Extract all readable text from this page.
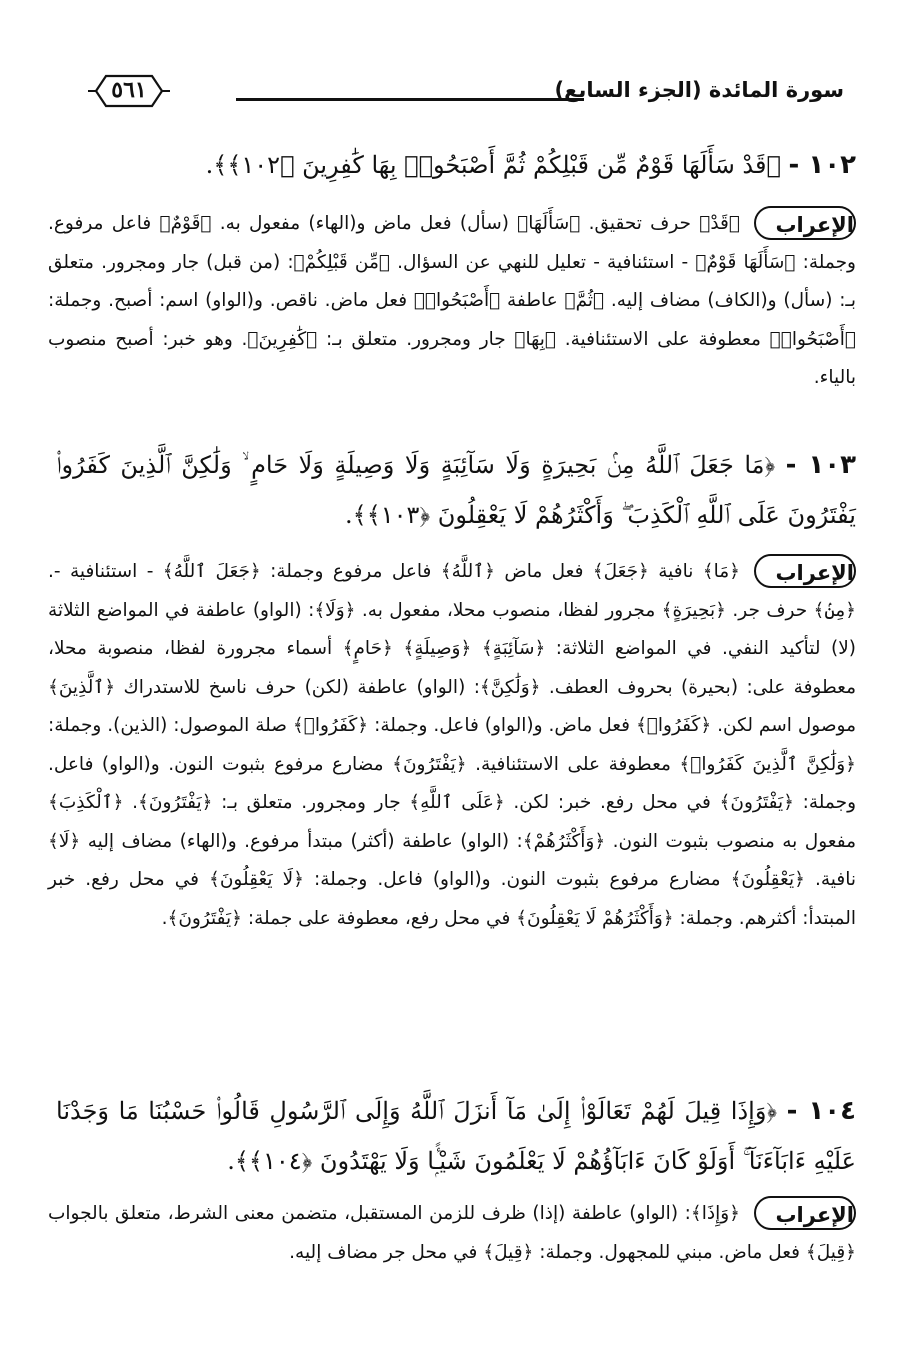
٥٦١	سورة المائدة (الجزء السابع)
١٠٢ - ﴿قَدْ سَأَلَهَا قَوْمٌ مِّن قَبْلِكُمْ ثُمَّ أَصْبَحُوا۟ بِهَا كَٰفِرِينَ ﴿١٠٢﴾﴾.
الإعراب
﴿قَدْ﴾ حرف تحقيق. ﴿سَأَلَهَا﴾ (سأل) فعل ماض و(الهاء) مفعول به. ﴿قَوْمٌ﴾ فاعل مرفوع. وجملة: ﴿سَأَلَهَا قَوْمٌ﴾ - استئنافية - تعليل للنهي عن السؤال. ﴿مِّن قَبْلِكُمْ﴾: (من قبل) جار ومجرور. متعلق بـ: (سأل) و(الكاف) مضاف إليه. ﴿ثُمَّ﴾ عاطفة ﴿أَصْبَحُوا۟﴾ فعل ماض. ناقص. و(الواو) اسم: أصبح. وجملة: ﴿أَصْبَحُوا۟﴾ معطوفة على الاستئنافية. ﴿بِهَا﴾ جار ومجرور. متعلق بـ: ﴿كَٰفِرِينَ﴾. وهو خبر: أصبح منصوب بالياء.
١٠٣ - ﴿مَا جَعَلَ ٱللَّهُ مِنۢ بَحِيرَةٍ وَلَا سَآئِبَةٍ وَلَا وَصِيلَةٍ وَلَا حَامٍ ۙ وَلَٰكِنَّ ٱلَّذِينَ كَفَرُوا۟ يَفْتَرُونَ عَلَى ٱللَّهِ ٱلْكَذِبَ ۖ وَأَكْثَرُهُمْ لَا يَعْقِلُونَ ﴿١٠٣﴾﴾.
الإعراب
﴿مَا﴾ نافية ﴿جَعَلَ﴾ فعل ماض ﴿ٱللَّهُ﴾ فاعل مرفوع وجملة: ﴿جَعَلَ ٱللَّهُ﴾ - استئنافية -. ﴿مِنۢ﴾ حرف جر. ﴿بَحِيرَةٍ﴾ مجرور لفظا، منصوب محلا، مفعول به. ﴿وَلَا﴾: (الواو) عاطفة في المواضع الثلاثة (لا) لتأكيد النفي. في المواضع الثلاثة: ﴿سَآئِبَةٍ﴾ ﴿وَصِيلَةٍ﴾ ﴿حَامٍ﴾ أسماء مجرورة لفظا، منصوبة محلا، معطوفة على: (بحيرة) بحروف العطف. ﴿وَلَٰكِنَّ﴾: (الواو) عاطفة (لكن) حرف ناسخ للاستدراك ﴿ٱلَّذِينَ﴾ موصول اسم لكن. ﴿كَفَرُوا۟﴾ فعل ماض. و(الواو) فاعل. وجملة: ﴿كَفَرُوا۟﴾ صلة الموصول: (الذين). وجملة: ﴿وَلَٰكِنَّ ٱلَّذِينَ كَفَرُوا۟﴾ معطوفة على الاستئنافية. ﴿يَفْتَرُونَ﴾ مضارع مرفوع بثبوت النون. و(الواو) فاعل. وجملة: ﴿يَفْتَرُونَ﴾ في محل رفع. خبر: لكن. ﴿عَلَى ٱللَّهِ﴾ جار ومجرور. متعلق بـ: ﴿يَفْتَرُونَ﴾. ﴿ٱلْكَذِبَ﴾ مفعول به منصوب بثبوت النون. ﴿وَأَكْثَرُهُمْ﴾: (الواو) عاطفة (أكثر) مبتدأ مرفوع. و(الهاء) مضاف إليه ﴿لَا﴾ نافية. ﴿يَعْقِلُونَ﴾ مضارع مرفوع بثبوت النون. و(الواو) فاعل. وجملة: ﴿لَا يَعْقِلُونَ﴾ في محل رفع. خبر المبتدأ: أكثرهم. وجملة: ﴿وَأَكْثَرُهُمْ لَا يَعْقِلُونَ﴾ في محل رفع، معطوفة على جملة: ﴿يَفْتَرُونَ﴾.
١٠٤ - ﴿وَإِذَا قِيلَ لَهُمْ تَعَالَوْا۟ إِلَىٰ مَآ أَنزَلَ ٱللَّهُ وَإِلَى ٱلرَّسُولِ قَالُوا۟ حَسْبُنَا مَا وَجَدْنَا عَلَيْهِ ءَابَآءَنَآ ۚ أَوَلَوْ كَانَ ءَابَآؤُهُمْ لَا يَعْلَمُونَ شَيْـًۭٔا وَلَا يَهْتَدُونَ ﴿١٠٤﴾﴾.
الإعراب
﴿وَإِذَا﴾: (الواو) عاطفة (إذا) ظرف للزمن المستقبل، متضمن معنى الشرط، متعلق بالجواب ﴿قِيلَ﴾ فعل ماض. مبني للمجهول. وجملة: ﴿قِيلَ﴾ في محل جر مضاف إليه.
